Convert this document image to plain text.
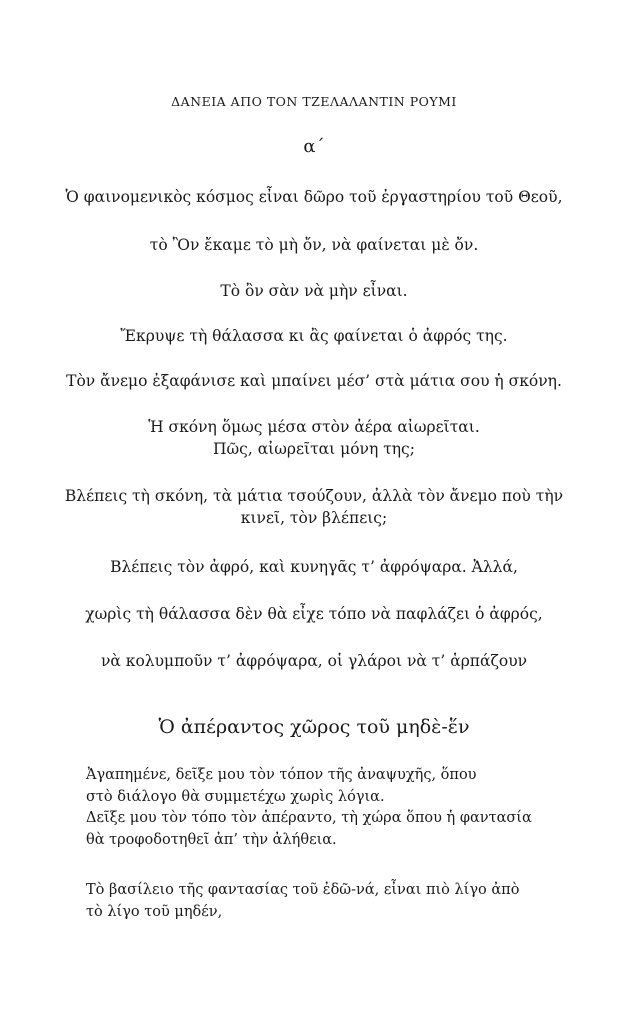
ΔΑΝΕΙΑ ΑΠΟ ΤΟΝ ΤΖΕΛΑΛΑΝΤΙΝ ΡΟΥΜΙ
α΄
Ὁ φαινομενικὸς κόσμος εἶναι δῶρο τοῦ ἐργαστηρίου τοῦ Θεοῦ,
τὸ Ὂν ἔκαμε τὸ μὴ ὄν, νὰ φαίνεται μὲ ὄν.
Τὸ ὂν σὰν νὰ μὴν εἶναι.
Ἔκρυψε τὴ θάλασσα κι ἂς φαίνεται ὁ ἀφρός της.
Τὸν ἄνεμο ἐξαφάνισε καὶ μπαίνει μέσ’ στὰ μάτια σου ἡ σκόνη.
Ἡ σκόνη ὅμως μέσα στὸν ἀέρα αἰωρεῖται.
Πῶς, αἰωρεῖται μόνη της;
Βλέπεις τὴ σκόνη, τὰ μάτια τσούζουν, ἀλλὰ τὸν ἄνεμο ποὺ τὴν
κινεῖ, τὸν βλέπεις;
Βλέπεις τὸν ἀφρό, καὶ κυνηγᾶς τ’ ἀφρόψαρα. Ἀλλά,
χωρὶς τὴ θάλασσα δὲν θὰ εἶχε τόπο νὰ παφλάζει ὁ ἀφρός,
νὰ κολυμποῦν τ’ ἀφρόψαρα, οἱ γλάροι νὰ τ’ ἁρπάζουν
Ὁ ἀπέραντος χῶρος τοῦ μηδὲ-ἕν
Ἀγαπημένε, δεῖξε μου τὸν τόπον τῆς ἀναψυχῆς, ὅπου
στὸ διάλογο θὰ συμμετέχω χωρὶς λόγια.
Δεῖξε μου τὸν τόπο τὸν ἀπέραντο, τὴ χώρα ὅπου ἡ φαντασία
θὰ τροφοδοτηθεῖ ἀπ’ τὴν ἀλήθεια.
Τὸ βασίλειο τῆς φαντασίας τοῦ ἐδῶ-νά, εἶναι πιὸ λίγο ἀπὸ
τὸ λίγο τοῦ μηδέν,
